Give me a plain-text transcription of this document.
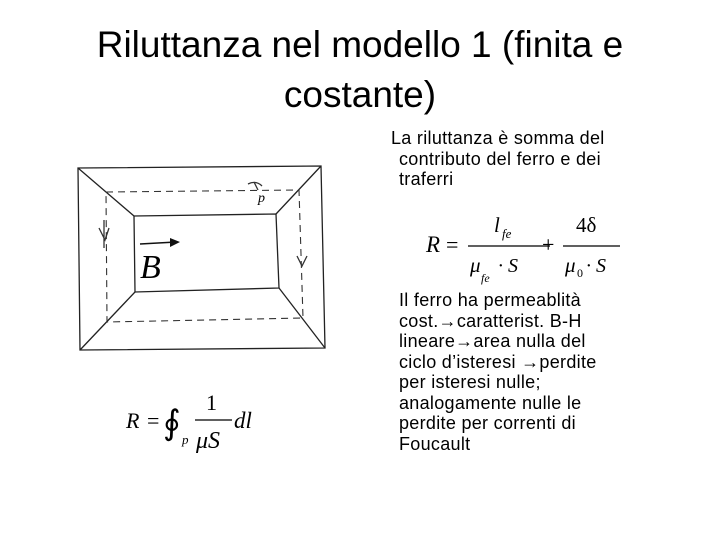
Riluttanza nel modello 1 (finita e
costante)
La riluttanza è somma del
contributo del ferro e dei
traferri
Il ferro ha permeablità
cost.→caratterist. B-H
lineare→area nulla del
ciclo d’isteresi →perdite
per isteresi nulle;
analogamente nulle le
perdite per correnti di
Foucault
R =
l fe
μ
fe
· S
+
4δ
μ 0 · S
p
B
R = ∮ p
1
μS
dl
